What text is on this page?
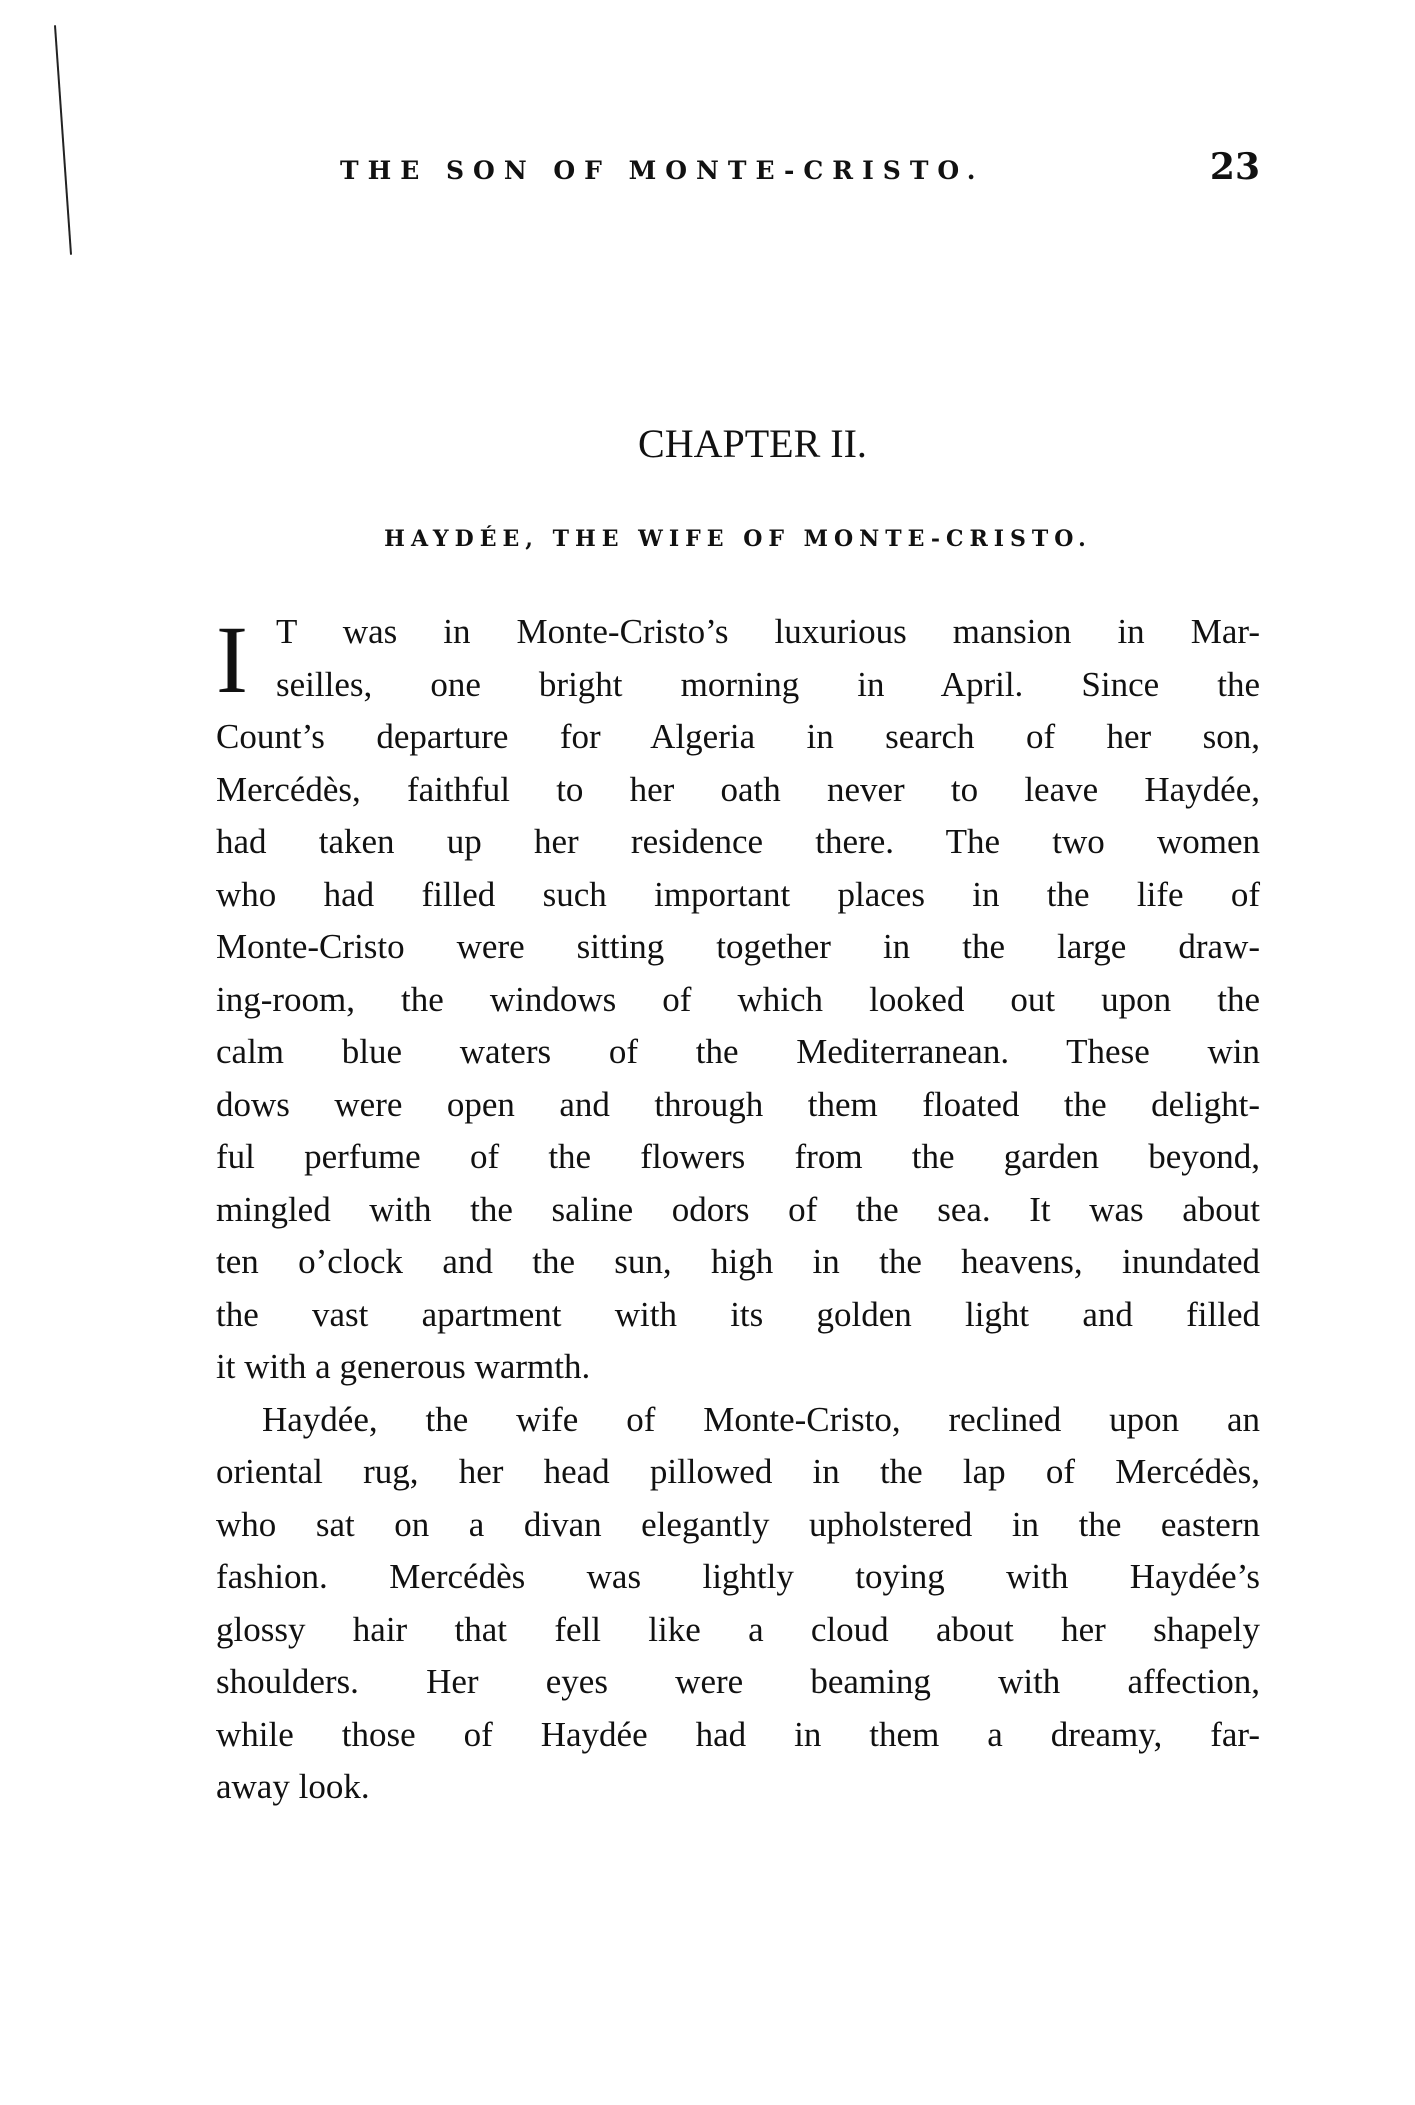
THE SON OF MONTE-CRISTO.	23
CHAPTER II.
HAYDÉE, THE WIFE OF MONTE-CRISTO.
I T was in Monte-Cristo’s luxurious mansion in Mar-
seilles, one bright morning in April. Since the
Count’s departure for Algeria in search of her son,
Mercédès, faithful to her oath never to leave Haydée,
had taken up her residence there. The two women
who had filled such important places in the life of
Monte-Cristo were sitting together in the large draw-
ing-room, the windows of which looked out upon the
calm blue waters of the Mediterranean. These win
dows were open and through them floated the delight-
ful perfume of the flowers from the garden beyond,
mingled with the saline odors of the sea. It was about
ten o’clock and the sun, high in the heavens, inundated
the vast apartment with its golden light and filled
it with a generous warmth.
Haydée, the wife of Monte-Cristo, reclined upon an
oriental rug, her head pillowed in the lap of Mercédès,
who sat on a divan elegantly upholstered in the eastern
fashion. Mercédès was lightly toying with Haydée’s
glossy hair that fell like a cloud about her shapely
shoulders. Her eyes were beaming with affection,
while those of Haydée had in them a dreamy, far-
away look.
